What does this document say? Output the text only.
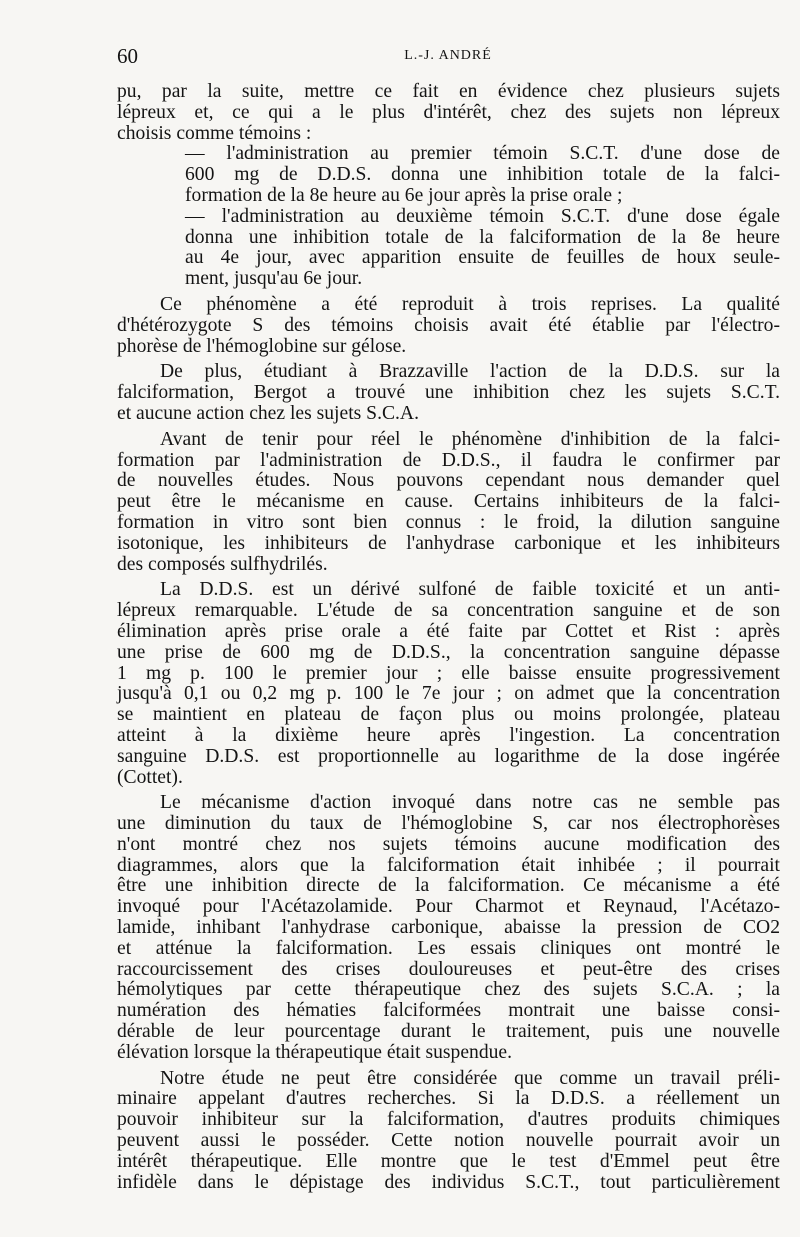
60	L.-J. ANDRÉ
pu, par la suite, mettre ce fait en évidence chez plusieurs sujets
lépreux et, ce qui a le plus d'intérêt, chez des sujets non lépreux
choisis comme témoins :
— l'administration au premier témoin S.C.T. d'une dose de
600 mg de D.D.S. donna une inhibition totale de la falci-
formation de la 8e heure au 6e jour après la prise orale ;
— l'administration au deuxième témoin S.C.T. d'une dose égale
donna une inhibition totale de la falciformation de la 8e heure
au 4e jour, avec apparition ensuite de feuilles de houx seule-
ment, jusqu'au 6e jour.
Ce phénomène a été reproduit à trois reprises. La qualité
d'hétérozygote S des témoins choisis avait été établie par l'électro-
phorèse de l'hémoglobine sur gélose.
De plus, étudiant à Brazzaville l'action de la D.D.S. sur la
falciformation, Bergot a trouvé une inhibition chez les sujets S.C.T.
et aucune action chez les sujets S.C.A.
Avant de tenir pour réel le phénomène d'inhibition de la falci-
formation par l'administration de D.D.S., il faudra le confirmer par
de nouvelles études. Nous pouvons cependant nous demander quel
peut être le mécanisme en cause. Certains inhibiteurs de la falci-
formation in vitro sont bien connus : le froid, la dilution sanguine
isotonique, les inhibiteurs de l'anhydrase carbonique et les inhibiteurs
des composés sulfhydrilés.
La D.D.S. est un dérivé sulfoné de faible toxicité et un anti-
lépreux remarquable. L'étude de sa concentration sanguine et de son
élimination après prise orale a été faite par Cottet et Rist : après
une prise de 600 mg de D.D.S., la concentration sanguine dépasse
1 mg p. 100 le premier jour ; elle baisse ensuite progressivement
jusqu'à 0,1 ou 0,2 mg p. 100 le 7e jour ; on admet que la concentration
se maintient en plateau de façon plus ou moins prolongée, plateau
atteint à la dixième heure après l'ingestion. La concentration
sanguine D.D.S. est proportionnelle au logarithme de la dose ingérée
(Cottet).
Le mécanisme d'action invoqué dans notre cas ne semble pas
une diminution du taux de l'hémoglobine S, car nos électrophorèses
n'ont montré chez nos sujets témoins aucune modification des
diagrammes, alors que la falciformation était inhibée ; il pourrait
être une inhibition directe de la falciformation. Ce mécanisme a été
invoqué pour l'Acétazolamide. Pour Charmot et Reynaud, l'Acétazo-
lamide, inhibant l'anhydrase carbonique, abaisse la pression de CO2
et atténue la falciformation. Les essais cliniques ont montré le
raccourcissement des crises douloureuses et peut-être des crises
hémolytiques par cette thérapeutique chez des sujets S.C.A. ; la
numération des hématies falciformées montrait une baisse consi-
dérable de leur pourcentage durant le traitement, puis une nouvelle
élévation lorsque la thérapeutique était suspendue.
Notre étude ne peut être considérée que comme un travail préli-
minaire appelant d'autres recherches. Si la D.D.S. a réellement un
pouvoir inhibiteur sur la falciformation, d'autres produits chimiques
peuvent aussi le posséder. Cette notion nouvelle pourrait avoir un
intérêt thérapeutique. Elle montre que le test d'Emmel peut être
infidèle dans le dépistage des individus S.C.T., tout particulièrement
